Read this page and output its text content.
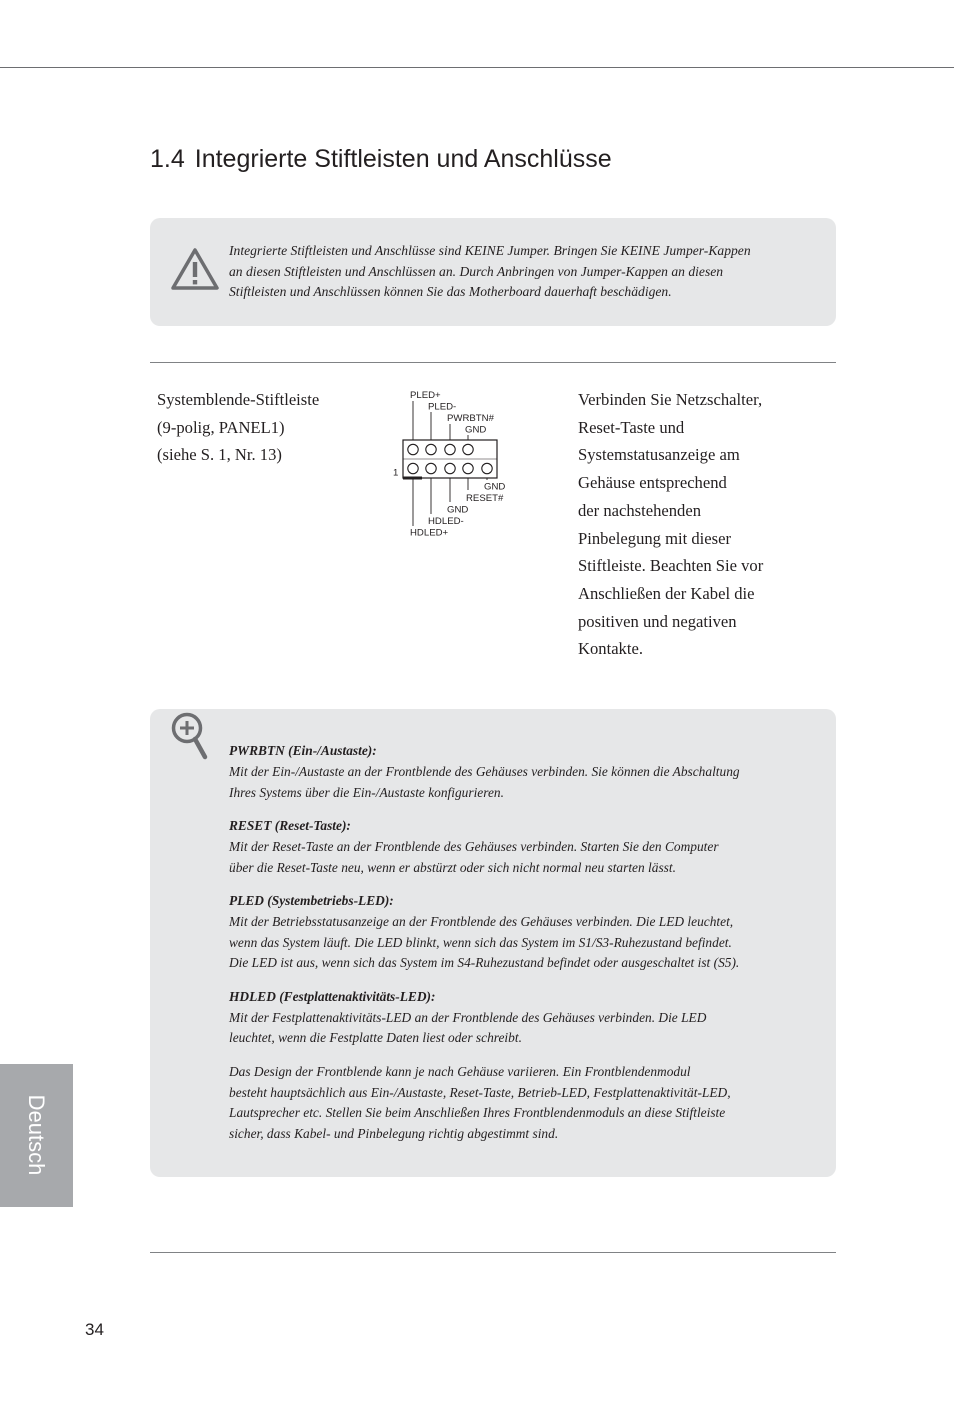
1.4 Integrierte Stiftleisten und Anschlüsse
Integrierte Stiftleisten und Anschlüsse sind KEINE Jumper. Bringen Sie KEINE Jumper-Kappen
an diesen Stiftleisten und Anschlüssen an. Durch Anbringen von Jumper-Kappen an diesen
Stiftleisten und Anschlüssen können Sie das Motherboard dauerhaft beschädigen.
Systemblende-Stiftleiste
(9-polig, PANEL1)
(siehe S. 1, Nr. 13)
PLED+
PLED-
PWRBTN#
GND
1
GND
RESET#
GND
HDLED-
HDLED+
Verbinden Sie Netzschalter,
Reset-Taste und
Systemstatusanzeige am
Gehäuse entsprechend
der nachstehenden
Pinbelegung mit dieser
Stiftleiste. Beachten Sie vor
Anschließen der Kabel die
positiven und negativen
Kontakte.
PWRBTN (Ein-/Austaste):
Mit der Ein-/Austaste an der Frontblende des Gehäuses verbinden. Sie können die Abschaltung
Ihres Systems über die Ein-/Austaste konfigurieren.
RESET (Reset-Taste):
Mit der Reset-Taste an der Frontblende des Gehäuses verbinden. Starten Sie den Computer
über die Reset-Taste neu, wenn er abstürzt oder sich nicht normal neu starten lässt.
PLED (Systembetriebs-LED):
Mit der Betriebsstatusanzeige an der Frontblende des Gehäuses verbinden. Die LED leuchtet,
wenn das System läuft. Die LED blinkt, wenn sich das System im S1/S3-Ruhezustand befindet.
Die LED ist aus, wenn sich das System im S4-Ruhezustand befindet oder ausgeschaltet ist (S5).
HDLED (Festplattenaktivitäts-LED):
Mit der Festplattenaktivitäts-LED an der Frontblende des Gehäuses verbinden. Die LED
leuchtet, wenn die Festplatte Daten liest oder schreibt.
Das Design der Frontblende kann je nach Gehäuse variieren. Ein Frontblendenmodul
besteht hauptsächlich aus Ein-/Austaste, Reset-Taste, Betrieb-LED, Festplattenaktivität-LED,
Lautsprecher etc. Stellen Sie beim Anschließen Ihres Frontblendenmoduls an diese Stiftleiste
sicher, dass Kabel- und Pinbelegung richtig abgestimmt sind.
Deutsch
34
